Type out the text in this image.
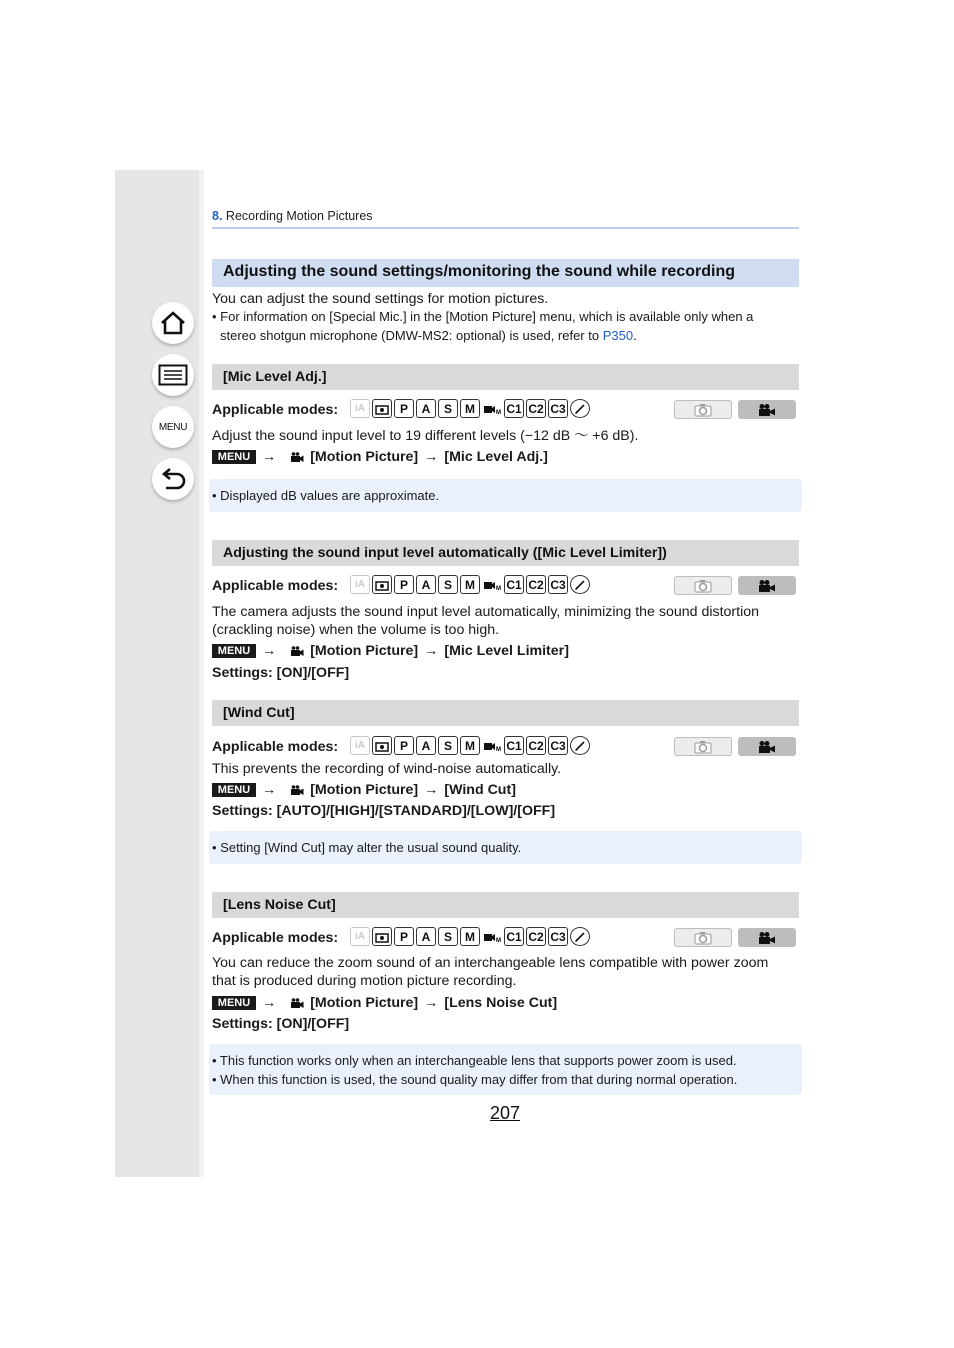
MENU
8. Recording Motion Pictures
Adjusting the sound settings/monitoring the sound while recording
You can adjust the sound settings for motion pictures.
• For information on [Special Mic.] in the [Motion Picture] menu, which is available only when a
stereo shotgun microphone (DMW-MS2: optional) is used, refer to P350.
[Mic Level Adj.]
Applicable modes:	iA	P	A	S	M	M C1 C2 C3
Adjust the sound input level to 19 different levels (−12 dB ～ +6 dB).
MENU → [Motion Picture] → [Mic Level Adj.]
• Displayed dB values are approximate.
Adjusting the sound input level automatically ([Mic Level Limiter])
Applicable modes:	iA	P	A	S	M	M C1 C2 C3
The camera adjusts the sound input level automatically, minimizing the sound distortion
(crackling noise) when the volume is too high.
MENU → [Motion Picture] → [Mic Level Limiter]
Settings: [ON]/[OFF]
[Wind Cut]
Applicable modes:	iA	P	A	S	M	M C1 C2 C3
This prevents the recording of wind-noise automatically.
MENU → [Motion Picture] → [Wind Cut]
Settings: [AUTO]/[HIGH]/[STANDARD]/[LOW]/[OFF]
• Setting [Wind Cut] may alter the usual sound quality.
[Lens Noise Cut]
Applicable modes:	iA	P	A	S	M	M C1 C2 C3
You can reduce the zoom sound of an interchangeable lens compatible with power zoom
that is produced during motion picture recording.
MENU → [Motion Picture] → [Lens Noise Cut]
Settings: [ON]/[OFF]
• This function works only when an interchangeable lens that supports power zoom is used.
• When this function is used, the sound quality may differ from that during normal operation.
207
